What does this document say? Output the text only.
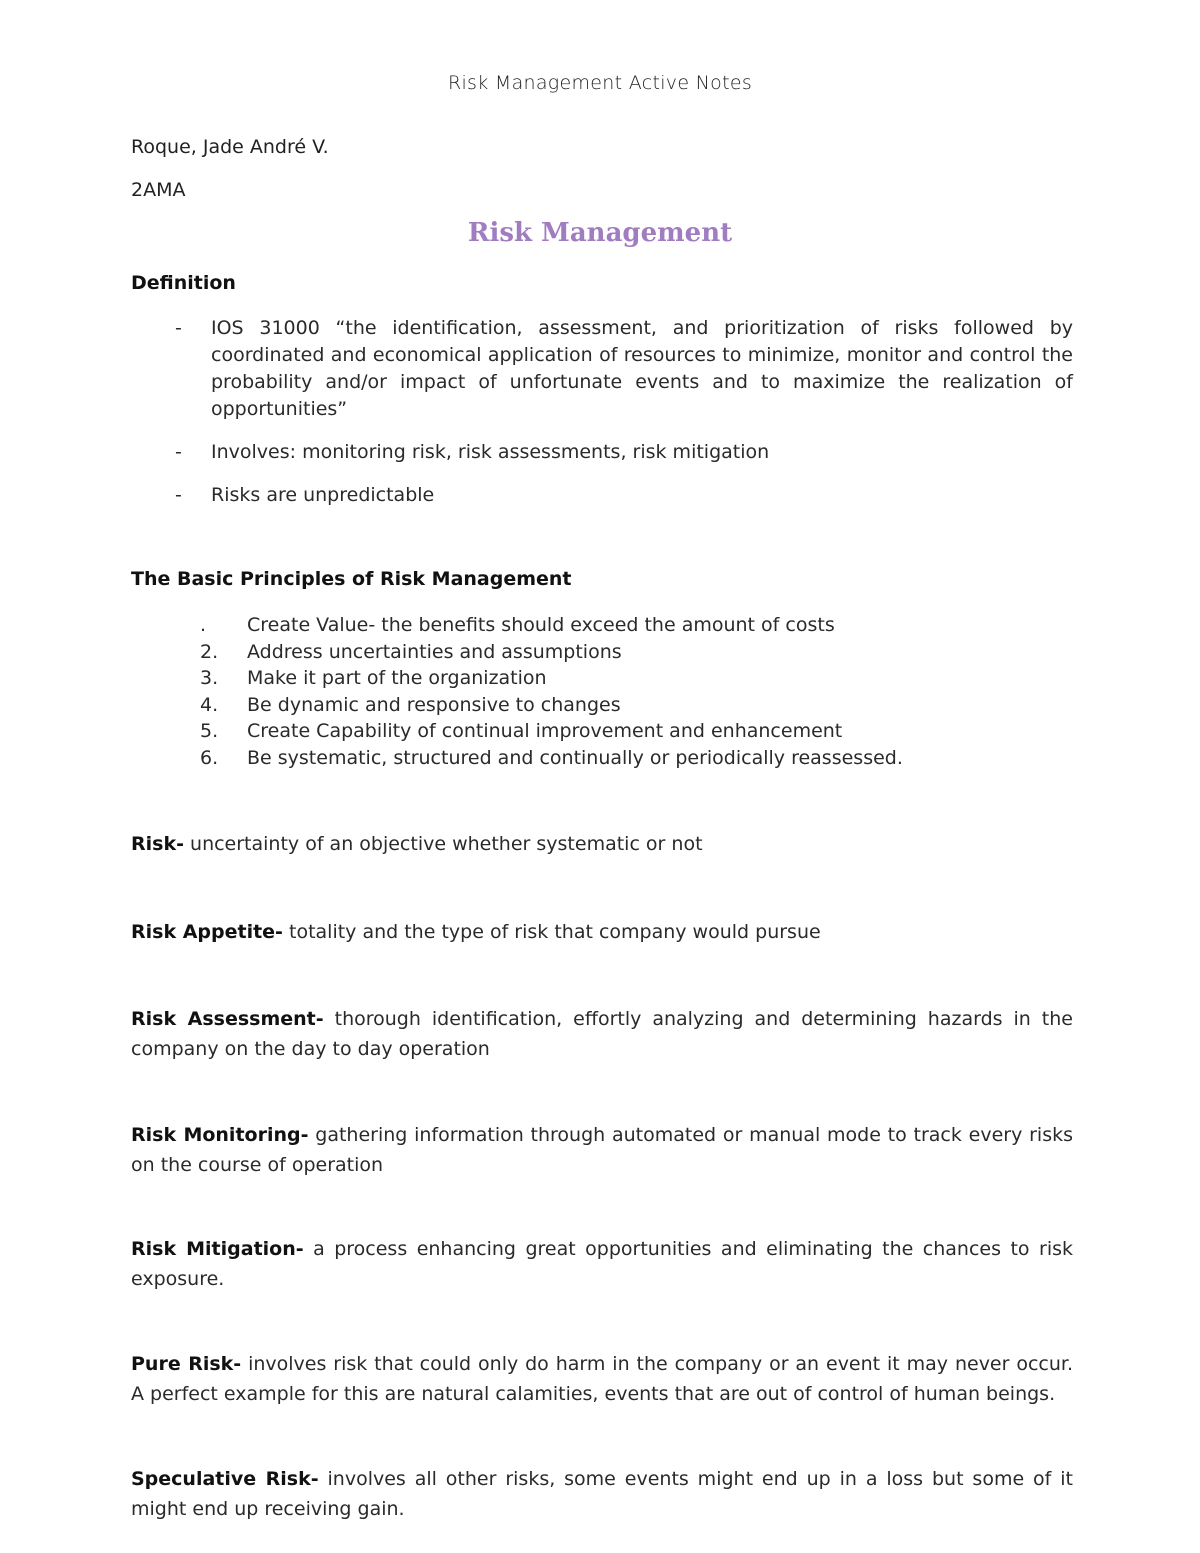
Risk Management Active Notes
Roque, Jade André V.
2AMA
Risk Management
Definition
-	IOS 31000 “the identification, assessment, and prioritization of risks followed by coordinated and economical application of resources to minimize, monitor and control the probability and/or impact of unfortunate events and to maximize the realization of opportunities”
-	Involves: monitoring risk, risk assessments, risk mitigation
-	Risks are unpredictable
The Basic Principles of Risk Management
.	Create Value- the benefits should exceed the amount of costs
2.	Address uncertainties and assumptions
3.	Make it part of the organization
4.	Be dynamic and responsive to changes
5.	Create Capability of continual improvement and enhancement
6.	Be systematic, structured and continually or periodically reassessed.
Risk- uncertainty of an objective whether systematic or not
Risk Appetite- totality and the type of risk that company would pursue
Risk Assessment- thorough identification, effortly analyzing and determining hazards in the company on the day to day operation
Risk Monitoring- gathering information through automated or manual mode to track every risks on the course of operation
Risk Mitigation- a process enhancing great opportunities and eliminating the chances to risk exposure.
Pure Risk- involves risk that could only do harm in the company or an event it may never occur. A perfect example for this are natural calamities, events that are out of control of human beings.
Speculative Risk- involves all other risks, some events might end up in a loss but some of it might end up receiving gain.
